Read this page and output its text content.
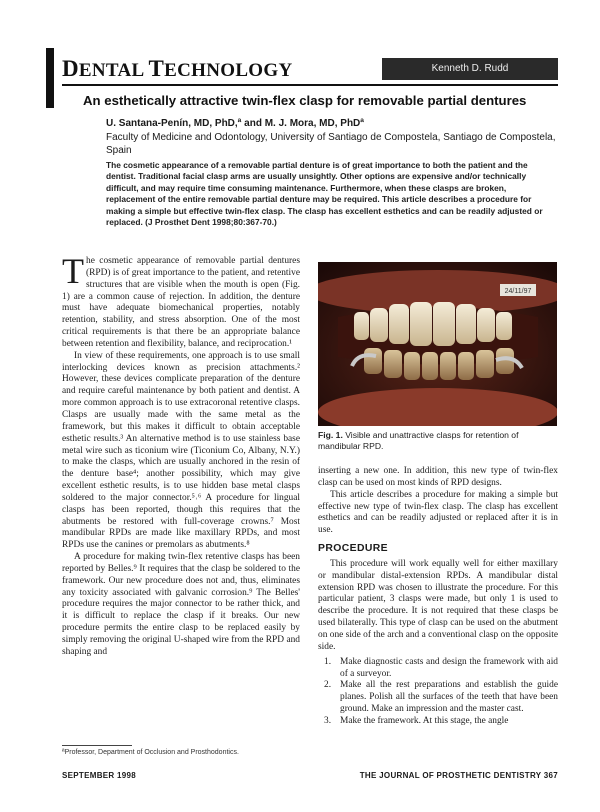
DENTAL TECHNOLOGY	Kenneth D. Rudd
An esthetically attractive twin-flex clasp for removable partial dentures
U. Santana-Penín, MD, PhD,ª and M. J. Mora, MD, PhDª
Faculty of Medicine and Odontology, University of Santiago de Compostela, Santiago de Compostela, Spain
The cosmetic appearance of a removable partial denture is of great importance to both the patient and the dentist. Traditional facial clasp arms are usually unsightly. Other options are expensive and/or technically difficult, and may require time consuming maintenance. Furthermore, when these clasps are broken, replacement of the entire removable partial denture may be required. This article describes a procedure for making a simple but effective twin-flex clasp. The clasp has excellent esthetics and can be readily adjusted or replaced. (J Prosthet Dent 1998;80:367-70.)

The cosmetic appearance of removable partial dentures (RPD) is of great importance to the patient, and retentive structures that are visible when the mouth is open (Fig. 1) are a common cause of rejection. In addition, the denture must have adequate biomechanical properties, notably retention, stability, and stress absorption. One of the most critical requirements is that there be an appropriate balance between retention and flexibility, balance, and reciprocation.¹

In view of these requirements, one approach is to use small interlocking devices known as precision attachments.² However, these devices complicate preparation of the denture and require careful maintenance by both patient and dentist. A more common approach is to use extracoronal retentive clasps. Clasps are usually made with the same metal as the framework, but this makes it difficult to obtain acceptable esthetic results.³ An alternative method is to use stainless base metal wire such as ticonium wire (Ticonium Co, Albany, N.Y.) to make the clasps, which are usually anchored in the resin of the denture base⁴; another possibility, which may give excellent esthetic results, is to use hidden base metal clasps soldered to the major connector.⁵˒⁶ A procedure for lingual clasps has been reported, though this requires that the abutments be restored with full-coverage crowns.⁷ Most mandibular RPDs are made like maxillary RPDs, and most RPDs use the canines or premolars as abutments.⁸

A procedure for making twin-flex retentive clasps has been reported by Belles.⁹ It requires that the clasp be soldered to the framework. Our new procedure does not and, thus, eliminates any toxicity associated with galvanic corrosion.⁹ The Belles' procedure requires the major connector to be rather thick, and it is difficult to replace the clasp if it breaks. Our new procedure permits the entire clasp to be replaced easily by simply removing the original U-shaped wire from the RPD and shaping and

24/11/97
Fig. 1. Visible and unattractive clasps for retention of mandibular RPD.

inserting a new one. In addition, this new type of twin-flex clasp can be used on most kinds of RPD designs.

This article describes a procedure for making a simple but effective new type of twin-flex clasp. The clasp has excellent esthetics and can be readily adjusted or replaced after it is in use.

PROCEDURE

This procedure will work equally well for either maxillary or mandibular distal-extension RPDs. A mandibular distal extension RPD was chosen to illustrate the procedure. For this particular patient, 3 clasps were made, but only 1 is used to describe the procedure. It is not required that these clasps be used bilaterally. This type of clasp can be used on the abutment on one side of the arch and a conventional clasp on the opposite side.

1. Make diagnostic casts and design the framework with aid of a surveyor.
2. Make all the rest preparations and establish the guide planes. Polish all the surfaces of the teeth that have been ground. Make an impression and the master cast.
3. Make the framework. At this stage, the angle
ªProfessor, Department of Occlusion and Prosthodontics.
SEPTEMBER 1998	THE JOURNAL OF PROSTHETIC DENTISTRY 367
